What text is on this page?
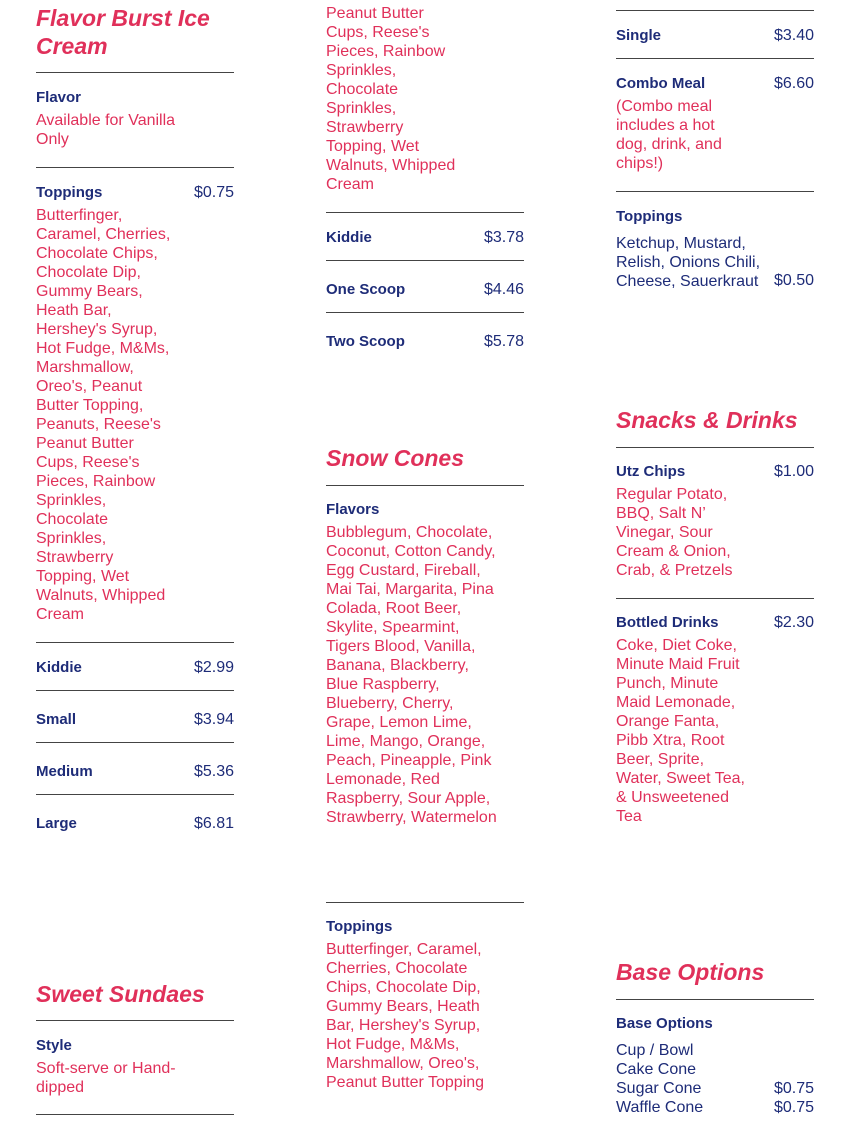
Flavor Burst Ice Cream
Flavor
Available for Vanilla Only
Toppings	$0.75
Butterfinger, Caramel, Cherries, Chocolate Chips, Chocolate Dip, Gummy Bears, Heath Bar, Hershey's Syrup, Hot Fudge, M&Ms, Marshmallow, Oreo's, Peanut Butter Topping, Peanuts, Reese's Peanut Butter Cups, Reese's Pieces, Rainbow Sprinkles, Chocolate Sprinkles, Strawberry Topping, Wet Walnuts, Whipped Cream
Kiddie	$2.99
Small	$3.94
Medium	$5.36
Large	$6.81
Sweet Sundaes
Style
Soft-serve or Hand-dipped
Peanut Butter Cups, Reese's Pieces, Rainbow Sprinkles, Chocolate Sprinkles, Strawberry Topping, Wet Walnuts, Whipped Cream
Kiddie	$3.78
One Scoop	$4.46
Two Scoop	$5.78
Snow Cones
Flavors
Bubblegum, Chocolate, Coconut, Cotton Candy, Egg Custard, Fireball, Mai Tai, Margarita, Pina Colada, Root Beer, Skylite, Spearmint, Tigers Blood, Vanilla, Banana, Blackberry, Blue Raspberry, Blueberry, Cherry, Grape, Lemon Lime, Lime, Mango, Orange, Peach, Pineapple, Pink Lemonade, Red Raspberry, Sour Apple, Strawberry, Watermelon
Toppings
Butterfinger, Caramel, Cherries, Chocolate Chips, Chocolate Dip, Gummy Bears, Heath Bar, Hershey's Syrup, Hot Fudge, M&Ms, Marshmallow, Oreo's, Peanut Butter Topping
Single	$3.40
Combo Meal	$6.60
(Combo meal includes a hot dog, drink, and chips!)
Toppings
Ketchup, Mustard, Relish, Onions Chili, Cheese, Sauerkraut $0.50
Snacks & Drinks
Utz Chips	$1.00
Regular Potato, BBQ, Salt N’ Vinegar, Sour Cream & Onion, Crab, & Pretzels
Bottled Drinks	$2.30
Coke, Diet Coke, Minute Maid Fruit Punch, Minute Maid Lemonade, Orange Fanta, Pibb Xtra, Root Beer, Sprite, Water, Sweet Tea, & Unsweetened Tea
Base Options
Base Options
Cup / Bowl
Cake Cone
Sugar Cone	$0.75
Waffle Cone	$0.75
